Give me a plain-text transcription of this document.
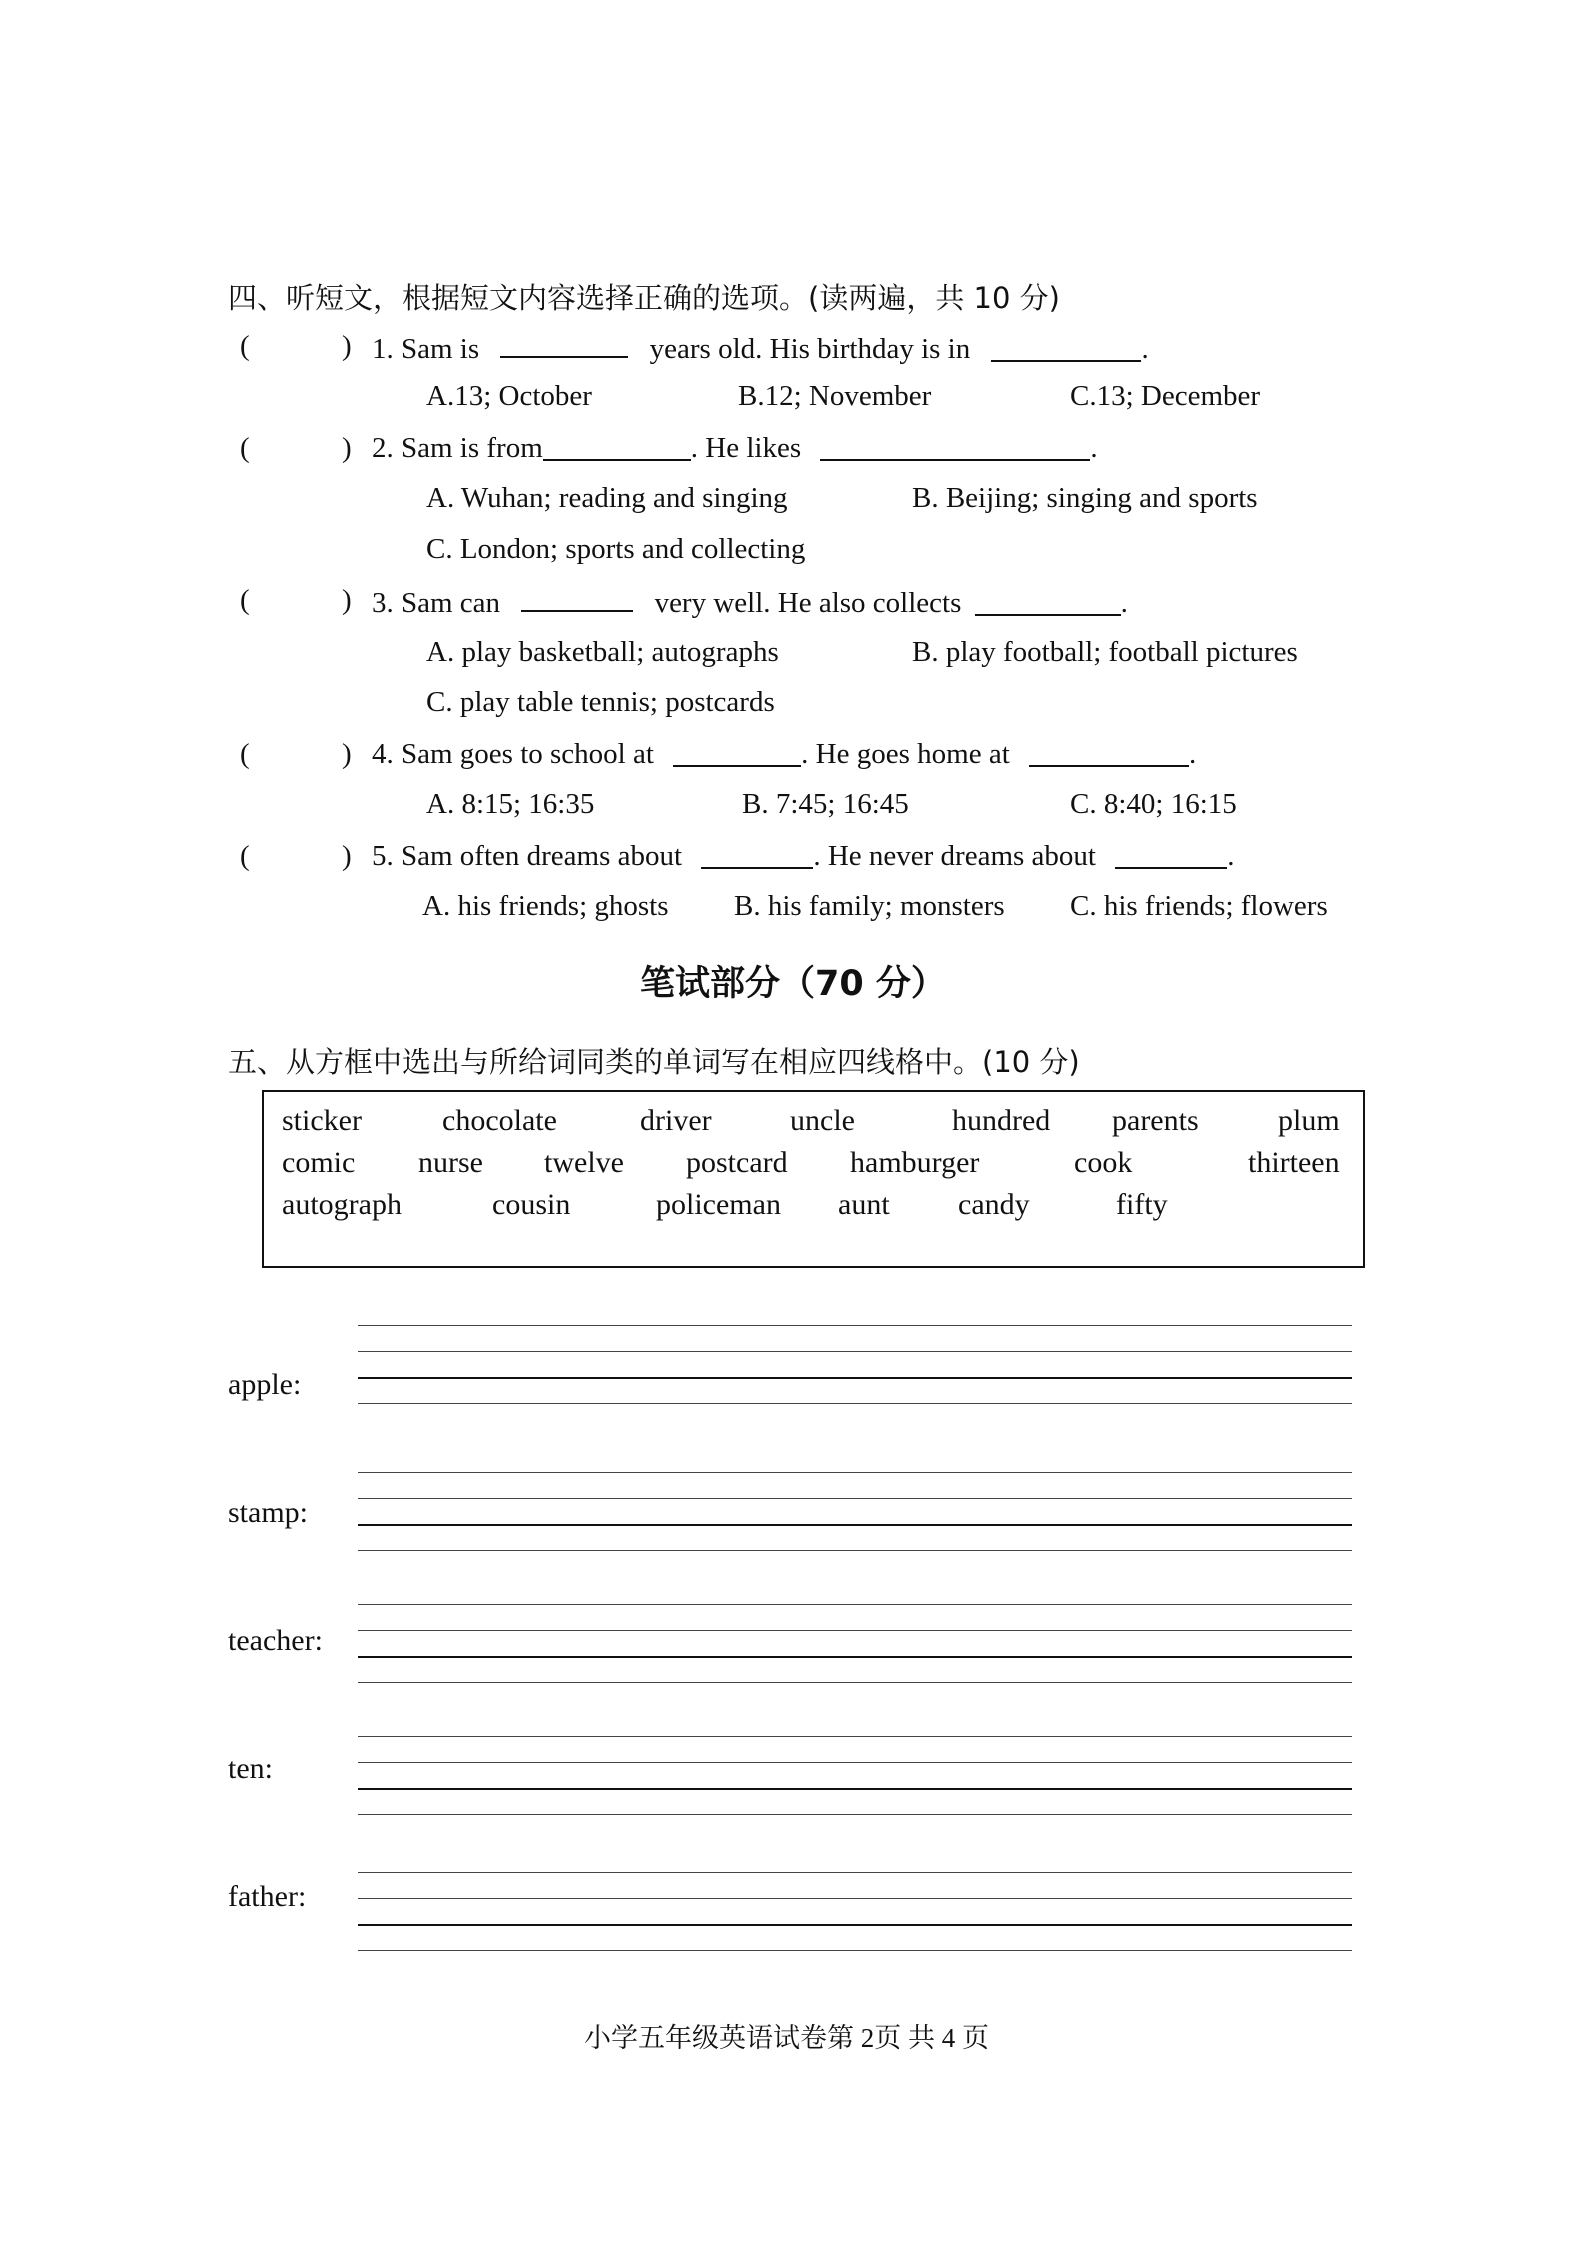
四、听短文，根据短文内容选择正确的选项。(读两遍，共 10 分)
(	) 1. Sam is	years old. His birthday is in	.
A.13; October	B.12; November	C.13; December
(	) 2. Sam is from	. He likes	.
A. Wuhan; reading and singing	B. Beijing; singing and sports
C. London; sports and collecting
(	) 3. Sam can	very well. He also collects	.
A. play basketball; autographs	B. play football; football pictures
C. play table tennis; postcards
(	) 4. Sam goes to school at	. He goes home at	.
A. 8:15; 16:35	B. 7:45; 16:45	C. 8:40; 16:15
(	) 5. Sam often dreams about	. He never dreams about	.
A. his friends; ghosts B. his family; monsters C. his friends; flowers
笔试部分（70 分）
五、从方框中选出与所给词同类的单词写在相应四线格中。(10 分)
sticker	chocolate	driver	uncle	hundred parents	plum
comic nurse twelve postcard hamburger	cook	thirteen
autograph	cousin	policeman aunt candy	fifty
apple:
stamp:
teacher:
ten:
father:
小学五年级英语试卷第 2页 共 4 页
